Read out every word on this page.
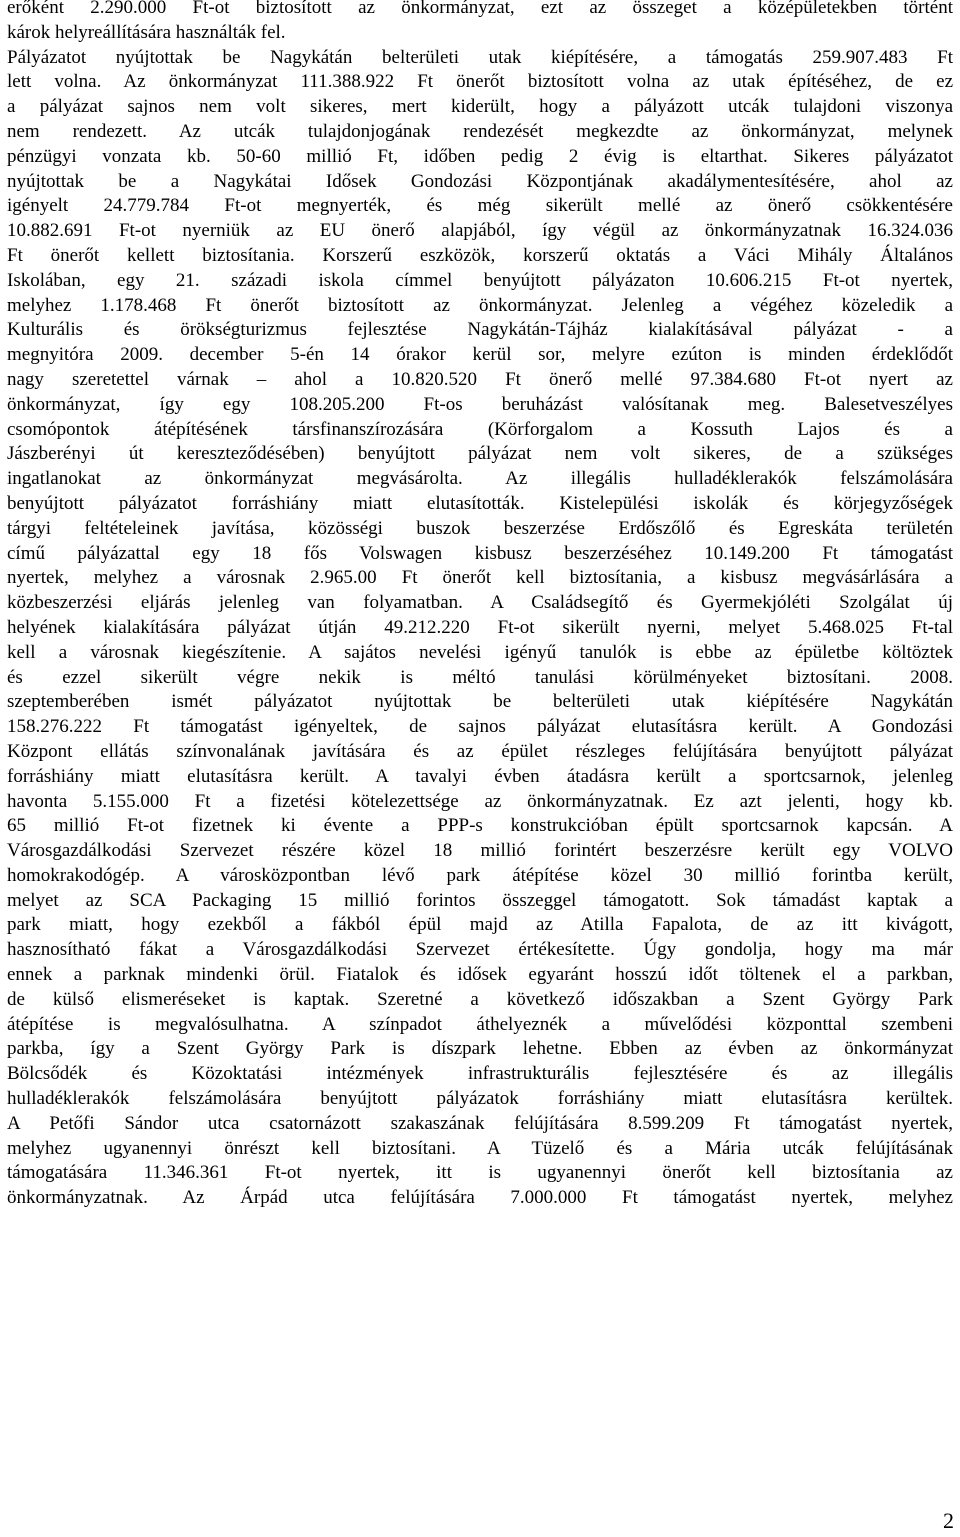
erőként 2.290.000 Ft-ot biztosított az önkormányzat, ezt az összeget a középületekben történt
károk helyreállítására használták fel.
Pályázatot nyújtottak be Nagykátán belterületi utak kiépítésére, a támogatás 259.907.483 Ft
lett volna. Az önkormányzat 111.388.922 Ft önerőt biztosított volna az utak építéséhez, de ez
a pályázat sajnos nem volt sikeres, mert kiderült, hogy a pályázott utcák tulajdoni viszonya
nem rendezett. Az utcák tulajdonjogának rendezését megkezdte az önkormányzat, melynek
pénzügyi vonzata kb. 50-60 millió Ft, időben pedig 2 évig is eltarthat. Sikeres pályázatot
nyújtottak be a Nagykátai Idősek Gondozási Központjának akadálymentesítésére, ahol az
igényelt 24.779.784 Ft-ot megnyerték, és még sikerült mellé az önerő csökkentésére
10.882.691 Ft-ot nyerniük az EU önerő alapjából, így végül az önkormányzatnak 16.324.036
Ft önerőt kellett biztosítania. Korszerű eszközök, korszerű oktatás a Váci Mihály Általános
Iskolában, egy 21. századi iskola címmel benyújtott pályázaton 10.606.215 Ft-ot nyertek,
melyhez 1.178.468 Ft önerőt biztosított az önkormányzat. Jelenleg a végéhez közeledik a
Kulturális és örökségturizmus fejlesztése Nagykátán-Tájház kialakításával pályázat - a
megnyitóra 2009. december 5-én 14 órakor kerül sor, melyre ezúton is minden érdeklődőt
nagy szeretettel várnak – ahol a 10.820.520 Ft önerő mellé 97.384.680 Ft-ot nyert az
önkormányzat, így egy 108.205.200 Ft-os beruházást valósítanak meg. Balesetveszélyes
csomópontok átépítésének társfinanszírozására (Körforgalom a Kossuth Lajos és a
Jászberényi út kereszteződésében) benyújtott pályázat nem volt sikeres, de a szükséges
ingatlanokat az önkormányzat megvásárolta. Az illegális hulladéklerakók felszámolására
benyújtott pályázatot forráshiány miatt elutasították. Kistelepülési iskolák és körjegyzőségek
tárgyi feltételeinek javítása, közösségi buszok beszerzése Erdőszőlő és Egreskáta területén
című pályázattal egy 18 fős Volswagen kisbusz beszerzéséhez 10.149.200 Ft támogatást
nyertek, melyhez a városnak 2.965.00 Ft önerőt kell biztosítania, a kisbusz megvásárlására a
közbeszerzési eljárás jelenleg van folyamatban. A Családsegítő és Gyermekjóléti Szolgálat új
helyének kialakítására pályázat útján 49.212.220 Ft-ot sikerült nyerni, melyet 5.468.025 Ft-tal
kell a városnak kiegészítenie. A sajátos nevelési igényű tanulók is ebbe az épületbe költöztek
és ezzel sikerült végre nekik is méltó tanulási körülményeket biztosítani. 2008.
szeptemberében ismét pályázatot nyújtottak be belterületi utak kiépítésére Nagykátán
158.276.222 Ft támogatást igényeltek, de sajnos pályázat elutasításra került. A Gondozási
Központ ellátás színvonalának javítására és az épület részleges felújítására benyújtott pályázat
forráshiány miatt elutasításra került. A tavalyi évben átadásra került a sportcsarnok, jelenleg
havonta 5.155.000 Ft a fizetési kötelezettsége az önkormányzatnak. Ez azt jelenti, hogy kb.
65 millió Ft-ot fizetnek ki évente a PPP-s konstrukcióban épült sportcsarnok kapcsán. A
Városgazdálkodási Szervezet részére közel 18 millió forintért beszerzésre került egy VOLVO
homokrakodógép. A városközpontban lévő park átépítése közel 30 millió forintba került,
melyet az SCA Packaging 15 millió forintos összeggel támogatott. Sok támadást kaptak a
park miatt, hogy ezekből a fákból épül majd az Atilla Fapalota, de az itt kivágott,
hasznosítható fákat a Városgazdálkodási Szervezet értékesítette. Úgy gondolja, hogy ma már
ennek a parknak mindenki örül. Fiatalok és idősek egyaránt hosszú időt töltenek el a parkban,
de külső elismeréseket is kaptak. Szeretné a következő időszakban a Szent György Park
átépítése is megvalósulhatna. A színpadot áthelyeznék a művelődési központtal szembeni
parkba, így a Szent György Park is díszpark lehetne. Ebben az évben az önkormányzat
Bölcsődék és Közoktatási intézmények infrastrukturális fejlesztésére és az illegális
hulladéklerakók felszámolására benyújtott pályázatok forráshiány miatt elutasításra kerültek.
A Petőfi Sándor utca csatornázott szakaszának felújítására 8.599.209 Ft támogatást nyertek,
melyhez ugyanennyi önrészt kell biztosítani. A Tüzelő és a Mária utcák felújításának
támogatására 11.346.361 Ft-ot nyertek, itt is ugyanennyi önerőt kell biztosítania az
önkormányzatnak. Az Árpád utca felújítására 7.000.000 Ft támogatást nyertek, melyhez
2
